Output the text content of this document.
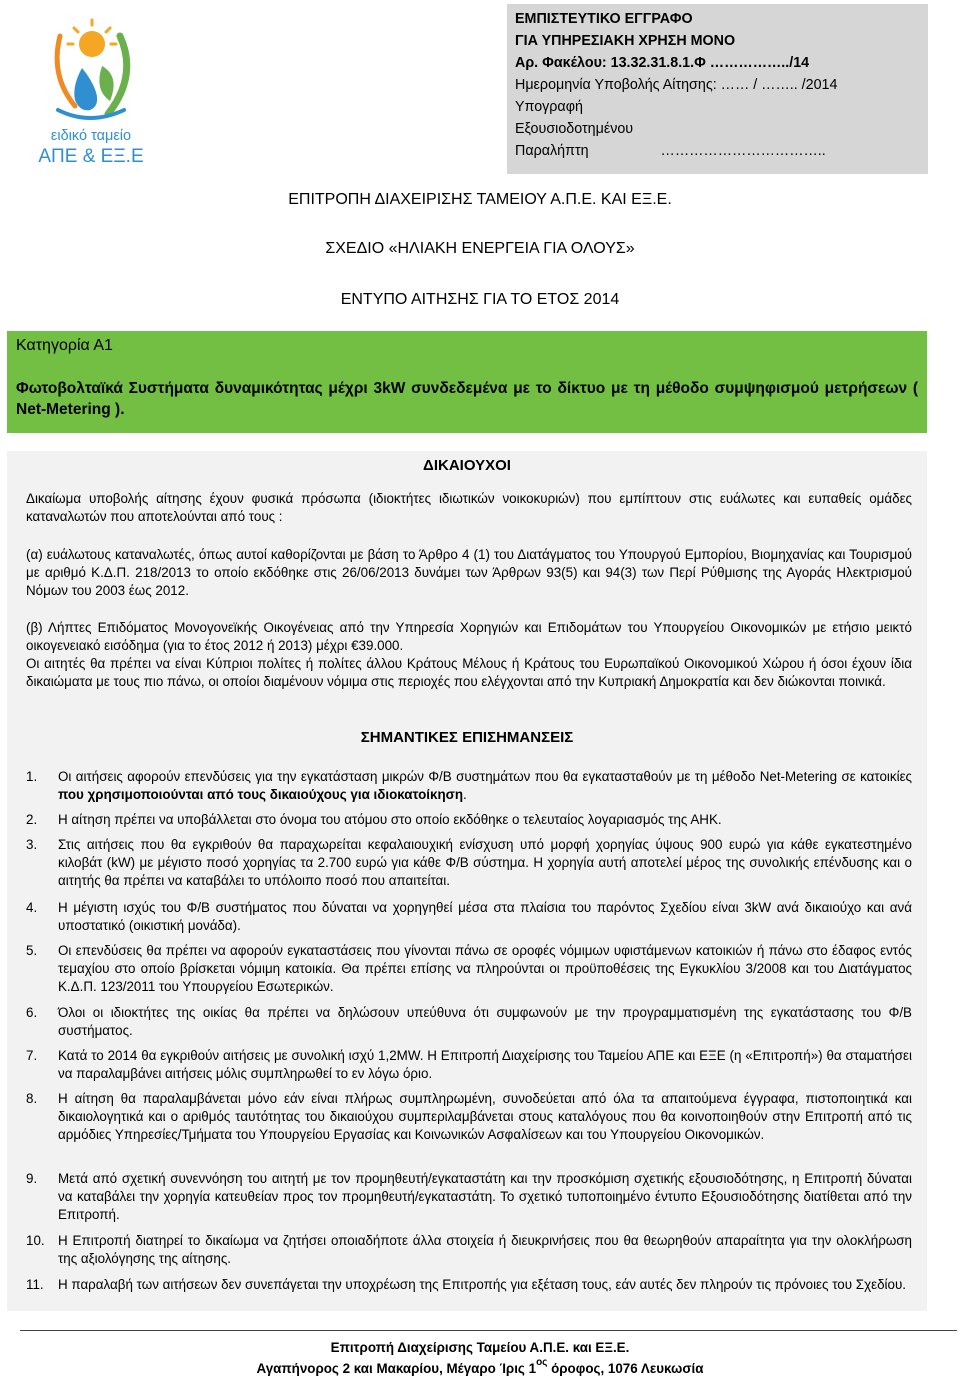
ειδικό ταμείο
ΑΠΕ & ΕΞ.Ε
ΕΜΠΙΣΤΕΥΤΙΚΟ ΕΓΓΡΑΦΟ
ΓΙΑ ΥΠΗΡΕΣΙΑΚΗ ΧΡΗΣΗ ΜΟΝΟ
Αρ. Φακέλου: 13.32.31.8.1.Φ ……………../14
Ημερομηνία Υποβολής Αίτησης: …… / …….. /2014
Υπογραφή
Εξουσιοδοτημένου
Παραλήπτη	……………………………..
ΕΠΙΤΡΟΠΗ ΔΙΑΧΕΙΡΙΣΗΣ ΤΑΜΕΙΟΥ Α.Π.Ε. ΚΑΙ ΕΞ.Ε.
ΣΧΕΔΙΟ «ΗΛΙΑΚΗ ΕΝΕΡΓΕΙΑ ΓΙΑ ΟΛΟΥΣ»
ΕΝΤΥΠΟ ΑΙΤΗΣΗΣ ΓΙΑ ΤΟ ΕΤΟΣ 2014
Κατηγορία Α1
Φωτοβολταϊκά Συστήματα δυναμικότητας μέχρι 3kW συνδεδεμένα με το δίκτυο με τη μέθοδο συμψηφισμού μετρήσεων ( Net-Metering ).
ΔΙΚΑΙΟΥΧΟΙ
Δικαίωμα υποβολής αίτησης έχουν φυσικά πρόσωπα (ιδιοκτήτες ιδιωτικών νοικοκυριών) που εμπίπτουν στις ευάλωτες και ευπαθείς ομάδες καταναλωτών που αποτελούνται από τους :
(α) ευάλωτους καταναλωτές, όπως αυτοί καθορίζονται με βάση το Άρθρο 4 (1) του Διατάγματος του Υπουργού Εμπορίου, Βιομηχανίας και Τουρισμού με αριθμό Κ.Δ.Π. 218/2013 το οποίο εκδόθηκε στις 26/06/2013 δυνάμει των Άρθρων 93(5) και 94(3) των Περί Ρύθμισης της Αγοράς Ηλεκτρισμού Νόμων του 2003 έως 2012.
(β) Λήπτες Επιδόματος Μονογονεϊκής Οικογένειας από την Υπηρεσία Χορηγιών και Επιδομάτων του Υπουργείου Οικονομικών με ετήσιο μεικτό οικογενειακό εισόδημα (για το έτος 2012 ή 2013) μέχρι €39.000.
Οι αιτητές θα πρέπει να είναι Κύπριοι πολίτες ή πολίτες άλλου Κράτους Μέλους ή Κράτους του Ευρωπαϊκού Οικονομικού Χώρου ή όσοι έχουν ίδια δικαιώματα με τους πιο πάνω, οι οποίοι διαμένουν νόμιμα στις περιοχές που ελέγχονται από την Κυπριακή Δημοκρατία και δεν διώκονται ποινικά.
ΣΗΜΑΝΤΙΚΕΣ ΕΠΙΣΗΜΑΝΣΕΙΣ
1.	Οι αιτήσεις αφορούν επενδύσεις για την εγκατάσταση μικρών Φ/Β συστημάτων που θα εγκατασταθούν με τη μέθοδο Net-Metering σε κατοικίες που χρησιμοποιούνται από τους δικαιούχους για ιδιοκατοίκηση.
2.	Η αίτηση πρέπει να υποβάλλεται στο όνομα του ατόμου στο οποίο εκδόθηκε ο τελευταίος λογαριασμός της ΑΗΚ.
3.	Στις αιτήσεις που θα εγκριθούν θα παραχωρείται κεφαλαιουχική ενίσχυση υπό μορφή χορηγίας ύψους 900 ευρώ για κάθε εγκατεστημένο κιλοβάτ (kW) με μέγιστο ποσό χορηγίας τα 2.700 ευρώ για κάθε Φ/Β σύστημα. Η χορηγία αυτή αποτελεί μέρος της συνολικής επένδυσης και ο αιτητής θα πρέπει να καταβάλει το υπόλοιπο ποσό που απαιτείται.
4.	Η μέγιστη ισχύς του Φ/Β συστήματος που δύναται να χορηγηθεί μέσα στα πλαίσια του παρόντος Σχεδίου είναι 3kW ανά δικαιούχο και ανά υποστατικό (οικιστική μονάδα).
5.	Οι επενδύσεις θα πρέπει να αφορούν εγκαταστάσεις που γίνονται πάνω σε οροφές νόμιμων υφιστάμενων κατοικιών ή πάνω στο έδαφος εντός τεμαχίου στο οποίο βρίσκεται νόμιμη κατοικία. Θα πρέπει επίσης να πληρούνται οι προϋποθέσεις της Εγκυκλίου 3/2008 και του Διατάγματος Κ.Δ.Π. 123/2011 του Υπουργείου Εσωτερικών.
6.	Όλοι οι ιδιοκτήτες της οικίας θα πρέπει να δηλώσουν υπεύθυνα ότι συμφωνούν με την προγραμματισμένη της εγκατάστασης του Φ/Β συστήματος.
7.	Κατά το 2014 θα εγκριθούν αιτήσεις με συνολική ισχύ 1,2MW. Η Επιτροπή Διαχείρισης του Ταμείου ΑΠΕ και ΕΞΕ (η «Επιτροπή») θα σταματήσει να παραλαμβάνει αιτήσεις μόλις συμπληρωθεί το εν λόγω όριο.
8.	Η αίτηση θα παραλαμβάνεται μόνο εάν είναι πλήρως συμπληρωμένη, συνοδεύεται από όλα τα απαιτούμενα έγγραφα, πιστοποιητικά και δικαιολογητικά και ο αριθμός ταυτότητας του δικαιούχου συμπεριλαμβάνεται στους καταλόγους που θα κοινοποιηθούν στην Επιτροπή από τις αρμόδιες Υπηρεσίες/Τμήματα του Υπουργείου Εργασίας και Κοινωνικών Ασφαλίσεων και του Υπουργείου Οικονομικών.
9.	Μετά από σχετική συνεννόηση του αιτητή με τον προμηθευτή/εγκαταστάτη και την προσκόμιση σχετικής εξουσιοδότησης, η Επιτροπή δύναται να καταβάλει την χορηγία κατευθείαν προς τον προμηθευτή/εγκαταστάτη. Το σχετικό τυποποιημένο έντυπο Εξουσιοδότησης διατίθεται από την Επιτροπή.
10. Η Επιτροπή διατηρεί το δικαίωμα να ζητήσει οποιαδήποτε άλλα στοιχεία ή διευκρινήσεις που θα θεωρηθούν απαραίτητα για την ολοκλήρωση της αξιολόγησης της αίτησης.
11.	Η παραλαβή των αιτήσεων δεν συνεπάγεται την υποχρέωση της Επιτροπής για εξέταση τους, εάν αυτές δεν πληρούν τις πρόνοιες του Σχεδίου.
Επιτροπή Διαχείρισης Ταμείου Α.Π.Ε. και ΕΞ.Ε.
Αγαπήνορος 2 και Μακαρίου, Μέγαρο Ίρις $1^{o\varsigma}$ όροφος, 1076 Λευκωσία
